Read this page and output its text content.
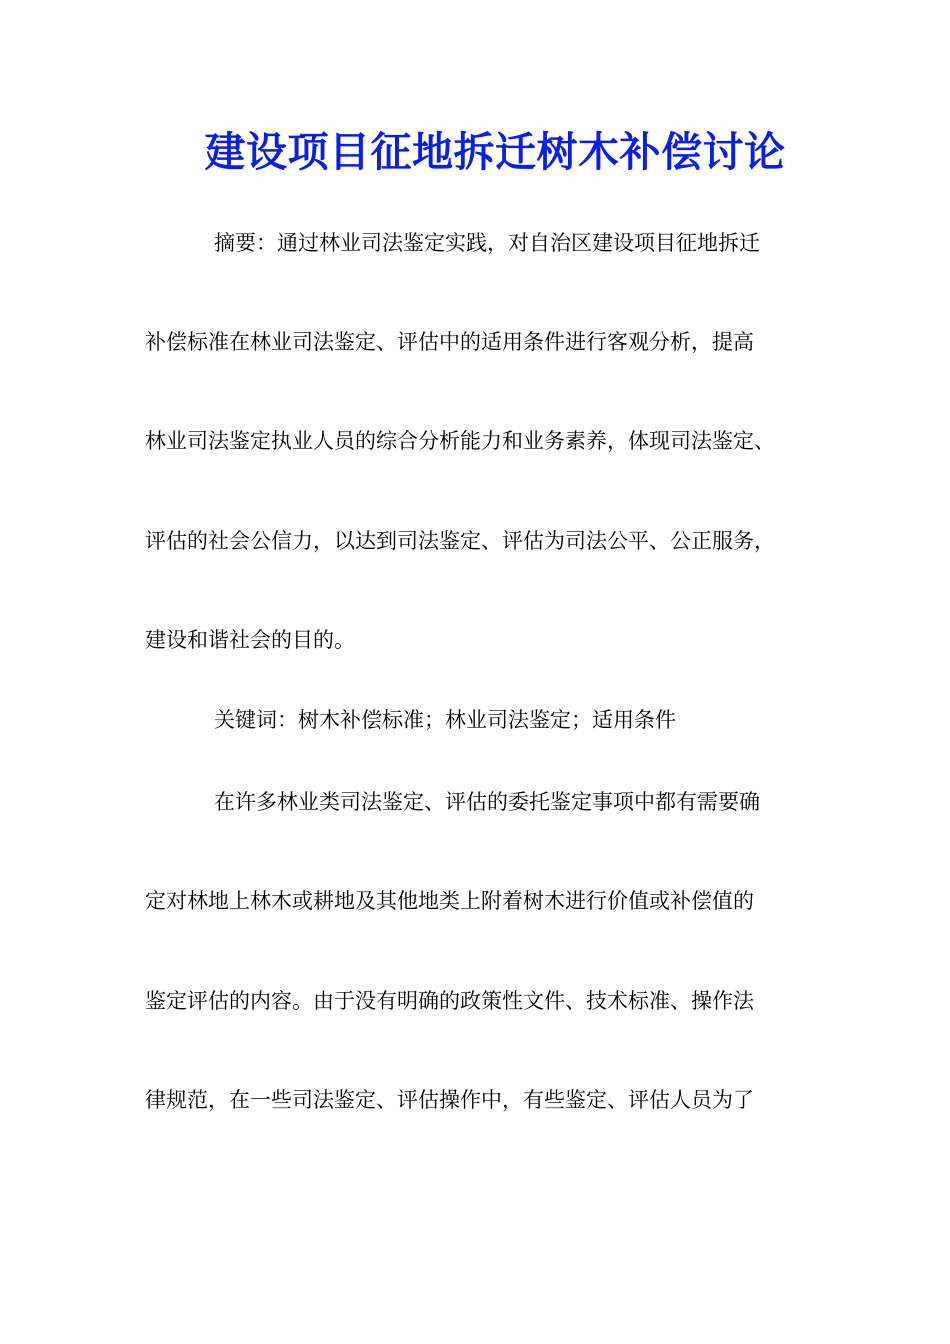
建设项目征地拆迁树木补偿讨论

摘要：通过林业司法鉴定实践，对自治区建设项目征地拆迁

补偿标准在林业司法鉴定、评估中的适用条件进行客观分析，提高

林业司法鉴定执业人员的综合分析能力和业务素养，体现司法鉴定、

评估的社会公信力，以达到司法鉴定、评估为司法公平、公正服务，

建设和谐社会的目的。

关键词：树木补偿标准；林业司法鉴定；适用条件

在许多林业类司法鉴定、评估的委托鉴定事项中都有需要确

定对林地上林木或耕地及其他地类上附着树木进行价值或补偿值的

鉴定评估的内容。由于没有明确的政策性文件、技术标准、操作法

律规范，在一些司法鉴定、评估操作中，有些鉴定、评估人员为了
